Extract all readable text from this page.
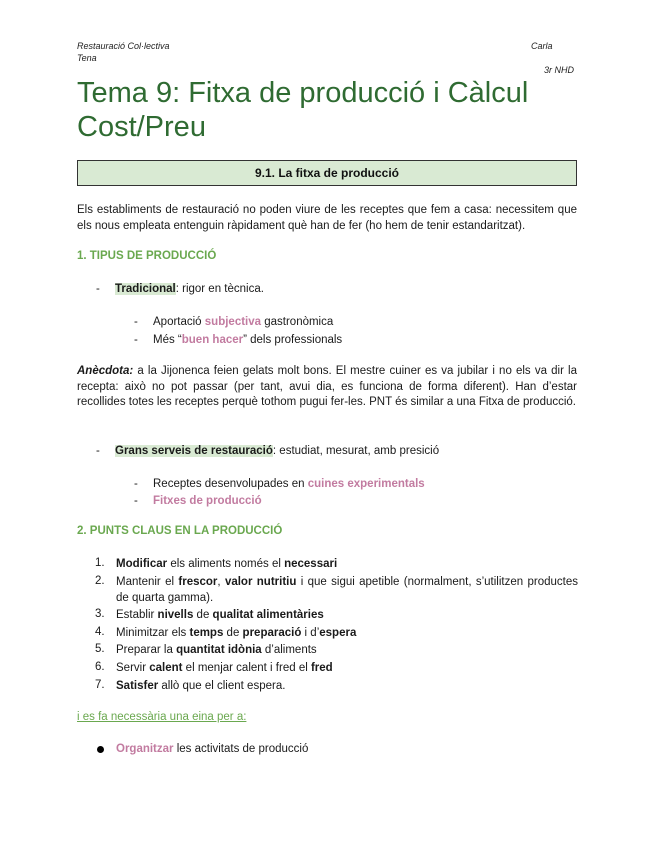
Restauració Col·lectiva
Tena
Carla
3r NHD
Tema 9: Fitxa de producció i Càlcul
Cost/Preu
9.1. La fitxa de producció
Els establiments de restauració no poden viure de les receptes que fem a casa: necessitem que els nous empleata entenguin ràpidament què han de fer (ho hem de tenir estandaritzat).
1. TIPUS DE PRODUCCIÓ
- Tradicional: rigor en tècnica.
- Aportació subjectiva gastronòmica
- Més “buen hacer” dels professionals
Anècdota: a la Jijonenca feien gelats molt bons. El mestre cuiner es va jubilar i no els va dir la recepta: això no pot passar (per tant, avui dia, es funciona de forma diferent). Han d’estar recollides totes les receptes perquè tothom pugui fer-les. PNT és similar a una Fitxa de producció.
- Grans serveis de restauració: estudiat, mesurat, amb presició
- Receptes desenvolupades en cuines experimentals
- Fitxes de producció
2. PUNTS CLAUS EN LA PRODUCCIÓ
1. Modificar els aliments només el necessari
2. Mantenir el frescor, valor nutritiu i que sigui apetible (normalment, s’utilitzen productes de quarta gamma).
3. Establir nivells de qualitat alimentàries
4. Minimitzar els temps de preparació i d’espera
5. Preparar la quantitat idònia d’aliments
6. Servir calent el menjar calent i fred el fred
7. Satisfer allò que el client espera.
i es fa necessària una eina per a:
Organitzar les activitats de producció
